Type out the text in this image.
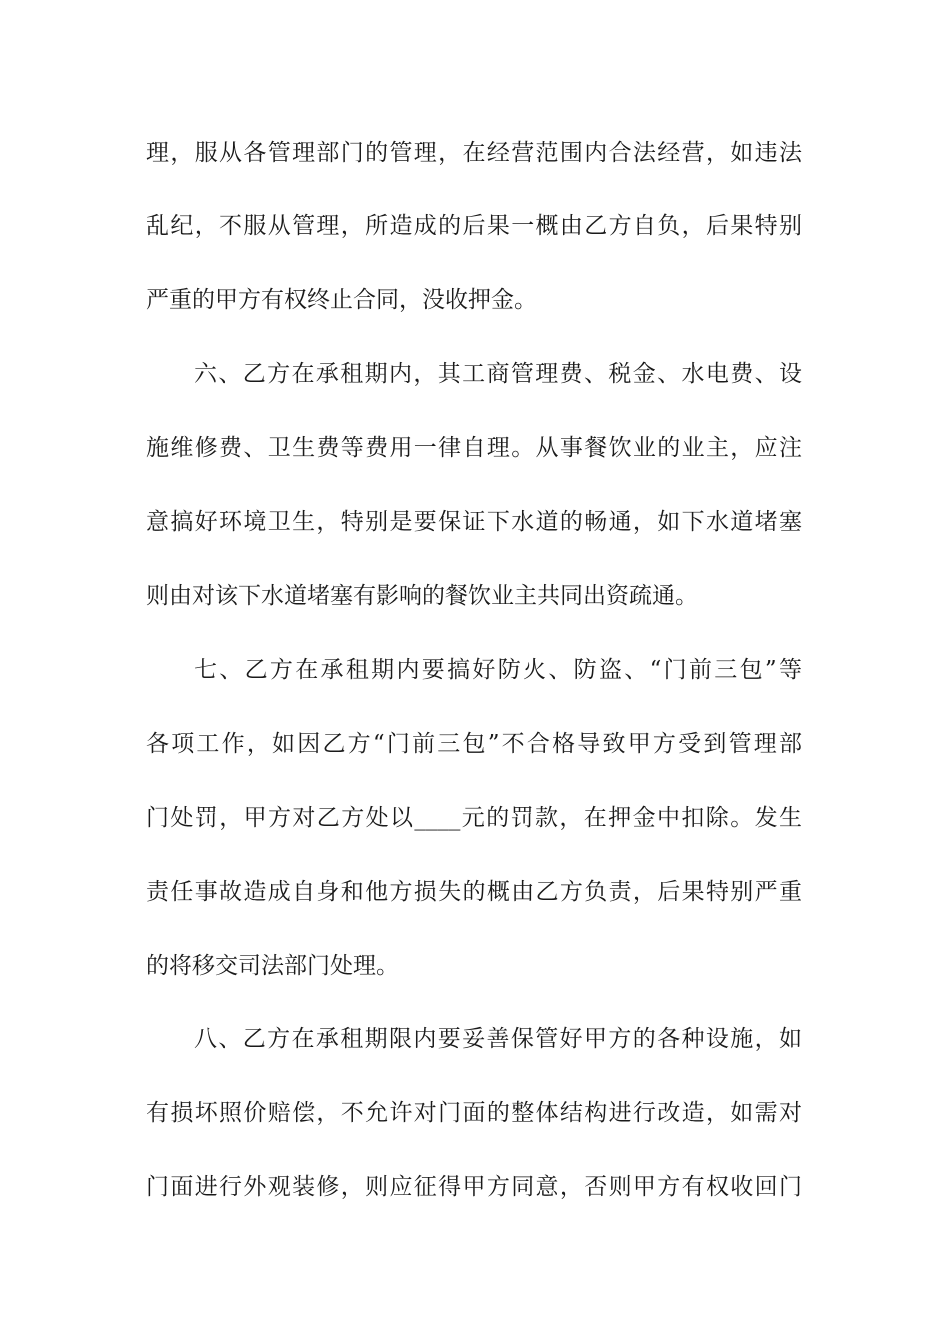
理，服从各管理部门的管理，在经营范围内合法经营，如违法
乱纪，不服从管理，所造成的后果一概由乙方自负，后果特别
严重的甲方有权终止合同，没收押金。
六、乙方在承租期内，其工商管理费、税金、水电费、设
施维修费、卫生费等费用一律自理。从事餐饮业的业主，应注
意搞好环境卫生，特别是要保证下水道的畅通，如下水道堵塞
则由对该下水道堵塞有影响的餐饮业主共同出资疏通。
七、乙方在承租期内要搞好防火、防盗、“门前三包”等
各项工作，如因乙方“门前三包”不合格导致甲方受到管理部
门处罚，甲方对乙方处以____元的罚款，在押金中扣除。发生
责任事故造成自身和他方损失的概由乙方负责，后果特别严重
的将移交司法部门处理。
八、乙方在承租期限内要妥善保管好甲方的各种设施，如
有损坏照价赔偿，不允许对门面的整体结构进行改造，如需对
门面进行外观装修，则应征得甲方同意，否则甲方有权收回门
